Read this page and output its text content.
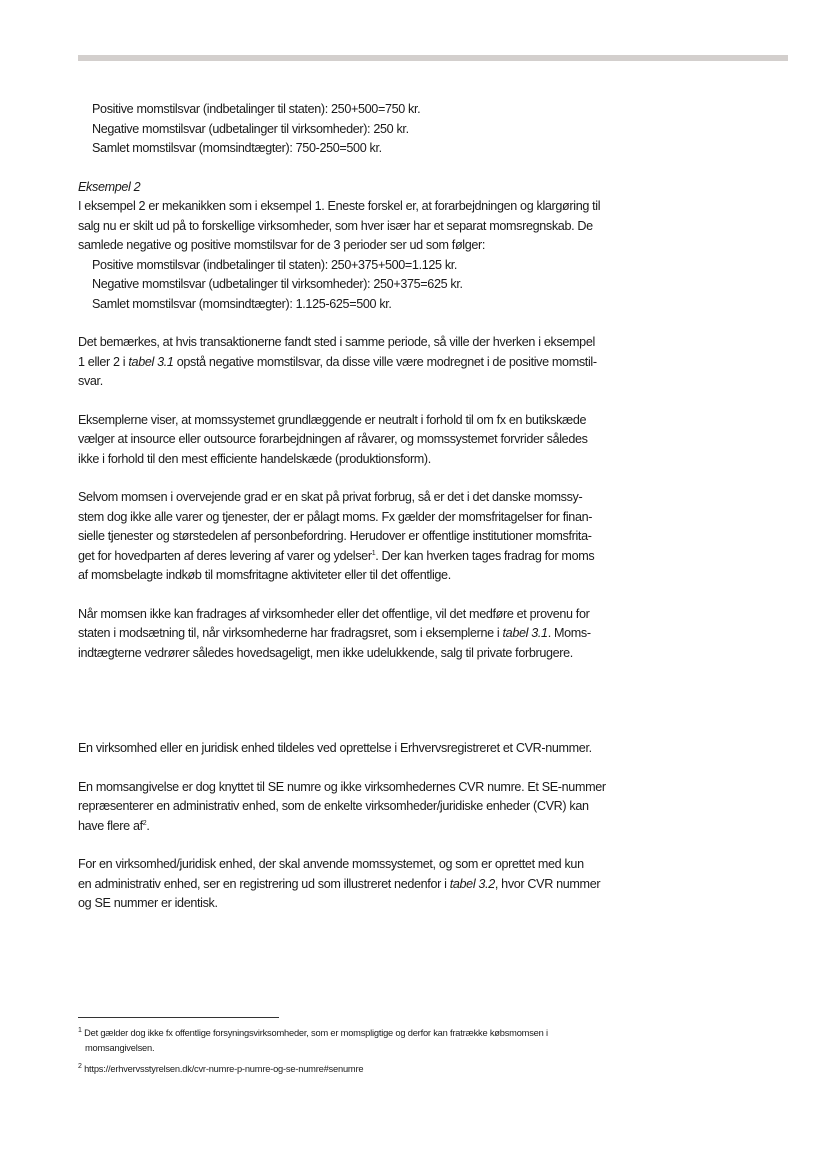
Positive momstilsvar (indbetalinger til staten): 250+500=750 kr.

Negative momstilsvar (udbetalinger til virksomheder): 250 kr.

Samlet momstilsvar (momsindtægter): 750-250=500 kr.

Eksempel 2

I eksempel 2 er mekanikken som i eksempel 1. Eneste forskel er, at forarbejdningen og klargøring til

salg nu er skilt ud på to forskellige virksomheder, som hver især har et separat momsregnskab. De

samlede negative og positive momstilsvar for de 3 perioder ser ud som følger:

Positive momstilsvar (indbetalinger til staten): 250+375+500=1.125 kr.

Negative momstilsvar (udbetalinger til virksomheder): 250+375=625 kr.

Samlet momstilsvar (momsindtægter): 1.125-625=500 kr.

Det bemærkes, at hvis transaktionerne fandt sted i samme periode, så ville der hverken i eksempel

1 eller 2 i tabel 3.1 opstå negative momstilsvar, da disse ville være modregnet i de positive momstil-

svar.

Eksemplerne viser, at momssystemet grundlæggende er neutralt i forhold til om fx en butikskæde

vælger at insource eller outsource forarbejdningen af råvarer, og momssystemet forvrider således

ikke i forhold til den mest efficiente handelskæde (produktionsform).

Selvom momsen i overvejende grad er en skat på privat forbrug, så er det i det danske momssy-

stem dog ikke alle varer og tjenester, der er pålagt moms. Fx gælder der momsfritagelser for finan-

sielle tjenester og størstedelen af personbefordring. Herudover er offentlige institutioner momsfrita-

get for hovedparten af deres levering af varer og ydelser$^1$. Der kan hverken tages fradrag for moms

af momsbelagte indkøb til momsfritagne aktiviteter eller til det offentlige.

Når momsen ikke kan fradrages af virksomheder eller det offentlige, vil det medføre et provenu for

staten i modsætning til, når virksomhederne har fradragsret, som i eksemplerne i tabel 3.1. Moms-

indtægterne vedrører således hovedsageligt, men ikke udelukkende, salg til private forbrugere.

En virksomhed eller en juridisk enhed tildeles ved oprettelse i Erhvervsregistreret et CVR-nummer.

En momsangivelse er dog knyttet til SE numre og ikke virksomhedernes CVR numre. Et SE-nummer

repræsenterer en administrativ enhed, som de enkelte virksomheder/juridiske enheder (CVR) kan

have flere $af^2$.

For en virksomhed/juridisk enhed, der skal anvende momssystemet, og som er oprettet med kun

en administrativ enhed, ser en registrering ud som illustreret nedenfor i tabel 3.2, hvor CVR nummer

og SE nummer er identisk.

$^1$ Det gælder dog ikke fx offentlige forsyningsvirksomheder, som er momspligtige og derfor kan fratrække købsmomsen i

momsangivelsen.

$^2$ https://erhvervsstyrelsen.dk/cvr-numre-p-numre-og-se-numre#senumre
